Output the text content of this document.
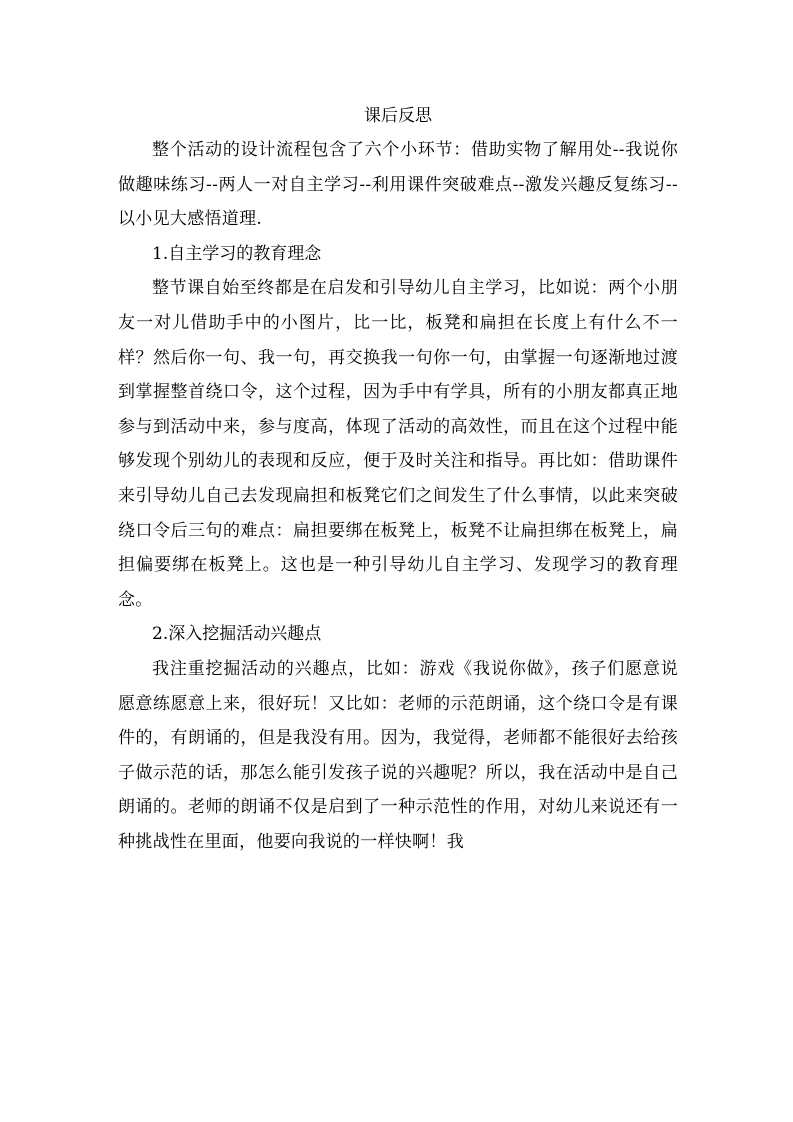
课后反思

整个活动的设计流程包含了六个小环节：借助实物了解用处--我说你做趣味练习--两人一对自主学习--利用课件突破难点--激发兴趣反复练习--以小见大感悟道理.

1.自主学习的教育理念

整节课自始至终都是在启发和引导幼儿自主学习，比如说：两个小朋友一对儿借助手中的小图片，比一比，板凳和扁担在长度上有什么不一样？然后你一句、我一句，再交换我一句你一句，由掌握一句逐渐地过渡到掌握整首绕口令，这个过程，因为手中有学具，所有的小朋友都真正地参与到活动中来，参与度高，体现了活动的高效性，而且在这个过程中能够发现个别幼儿的表现和反应，便于及时关注和指导。再比如：借助课件来引导幼儿自己去发现扁担和板凳它们之间发生了什么事情，以此来突破绕口令后三句的难点：扁担要绑在板凳上，板凳不让扁担绑在板凳上，扁担偏要绑在板凳上。这也是一种引导幼儿自主学习、发现学习的教育理念。

2.深入挖掘活动兴趣点

我注重挖掘活动的兴趣点，比如：游戏《我说你做》，孩子们愿意说愿意练愿意上来，很好玩！又比如：老师的示范朗诵，这个绕口令是有课件的，有朗诵的，但是我没有用。因为，我觉得，老师都不能很好去给孩子做示范的话，那怎么能引发孩子说的兴趣呢？所以，我在活动中是自己朗诵的。老师的朗诵不仅是启到了一种示范性的作用，对幼儿来说还有一种挑战性在里面，他要向我说的一样快啊！我
